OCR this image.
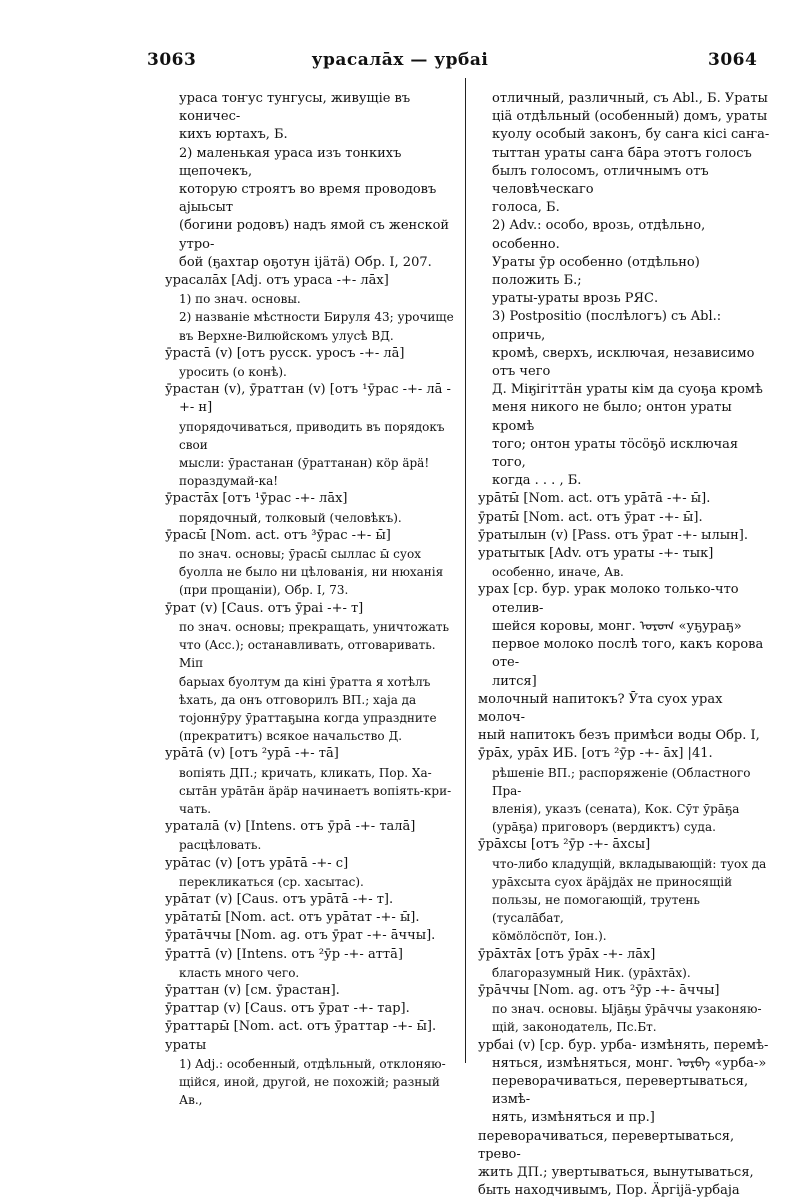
3063	урасалāх — урбаі	3064

ураса тоҥус тунгусы, живущіе въ коничес-
кихъ юртахъ, Б.

2) маленькая ураса изъ тонкихъ щепочекъ,
которую строятъ во время проводовъ аjыьсыт
(богини родовъ) надъ ямой съ женской утро-
бой (ҕахтар оҕотун іjäтä) Обр. І, 207.

урасалāх [Adj. отъ ураса -+- лāх]

1) по знач. основы.

2) названіе мѣстности Бируля 43; урочище
въ Верхне-Вилюйскомъ улусѣ ВД.

ӯрастā (v) [отъ русск. уросъ -+- лā]

уросить (о конѣ).

ӯрастан (v), ӯраттан (v) [отъ ¹ӯрас -+- лā -+- н]

упорядочиваться, приводить въ порядокъ свои
мысли: ӯрастанан (ӯраттанан) кöр äрä!
пораздумай-ка!

ӯрастāх [отъ ¹ӯрас -+- лāх]

порядочный, толковый (человѣкъ).

ӯрасы̄ [Nom. act. отъ ³ӯрас -+- ы̄]

по знач. основы; ӯрасы̄ сыллас ы̄ суох
буолла не было ни цѣлованія, ни нюханія
(при прощаніи), Обр. І, 73.

ӯрат (v) [Caus. отъ ӯраі -+- т]

по знач. основы; прекращать, уничтожать
что (Acc.); останавливать, отговаривать. Міп
барыах буолтум да кіні ӯратта я хотѣлъ
ѣхать, да онъ отговорилъ ВП.; хаjа да
тоjоннӯру ӯраттаҕына когда упраздните
(прекратитъ) всякое начальство Д.

урāтā (v) [отъ ²урā -+- тā]

вопіять ДП.; кричать, кликать, Пор. Ха-
сытāн урāтāн äрäр начинаетъ вопіять-кри-
чать.

ураталā (v) [Intens. отъ ӯрā -+- талā]

расцѣловать.

урāтас (v) [отъ урāтā -+- с]

перекликаться (ср. хасытас).

урāтат (v) [Caus. отъ урāтā -+- т].

урāтаты̄ [Nom. act. отъ урāтат -+- ы̄].

ӯратāччы [Nom. ag. отъ ӯрат -+- āччы].

ӯраттā (v) [Intens. отъ ²ӯр -+- аттā]

класть много чего.

ӯраттан (v) [см. ӯрастан].

ӯраттар (v) [Caus. отъ ӯрат -+- тар].

ӯраттары̄ [Nom. act. отъ ӯраттар -+- ы̄].

ураты

1) Adj.: особенный, отдѣльный, отклоняю-
щійся, иной, другой, не похожій; разный Ав.,

отличный, различный, съ Abl., Б. Ураты
ціä отдѣльный (особенный) домъ, ураты
куолу особый законъ, бу саҥа кісі саҥа-
тыттан ураты саҥа бāра этотъ голосъ
былъ голосомъ, отличнымъ отъ человѣческаго
голоса, Б.

2) Adv.: особо, врозь, отдѣльно, особенно.
Ураты ӯр особенно (отдѣльно) положить Б.;
ураты-ураты врозь РЯС.

3) Postpositio (послѣлогъ) съ Abl.: опричь,
кромѣ, сверхъ, исключая, независимо отъ чего
Д. Міӄігіттäн ураты кім да суоҕа кромѣ
меня никого не было; онтон ураты кромѣ
того; онтон ураты тöсöҕö исключая того,
когда . . . , Б.

урāты̄ [Nom. act. отъ урāтā -+- ы̄].

ӯраты̄ [Nom. act. отъ ӯрат -+- ы̄].

ӯратылын (v) [Pass. отъ ӯрат -+- ылын].

уратытык [Adv. отъ ураты -+- тык]

особенно, иначе, Ав.

урах [ср. бур. урак молоко только-что отелив-
шейся коровы, монг. ᠤᠷᠤᠭ «уҕураҕ»
первое молоко послѣ того, какъ корова оте-
лится]

молочный напитокъ? Ӯта суох урах молоч-
ный напитокъ безъ примѣси воды Обр. І,

ӯрāх, урāх ИБ. [отъ ²ӯр -+- āх] |41.

рѣшеніе ВП.; распоряженіе (Областного Пра-
вленія), указъ (сената), Кок. Сӯт ӯрāҕа
(урāҕа) приговоръ (вердиктъ) суда.

ӯрāхсы [отъ ²ӯр -+- āхсы]

что-либо кладущій, вкладывающій: туох да
урāхсыта суох äрäjдäх не приносящій
пользы, не помогающій, трутень (тусалāбат,
кöмöлöспöт, Іон.).

ӯрāхтāх [отъ ӯрāх -+- лāх]

благоразумный Ник. (урāхтāх).

ӯрāччы [Nom. ag. отъ ²ӯр -+- āччы]

по знач. основы. Ыjāҕы ӯрāччы узаконяю-
щій, законодатель, Пс.Бт.

урбаі (v) [ср. бур. урба- измѣнять, перемѣ-
няться, измѣняться, монг. ᠤᠷᠪᠠ «урба-»
переворачиваться, перевертываться, измѣ-
нять, измѣняться и пр.]

переворачиваться, перевертываться, трево-
жить ДП.; увертываться, вынутываться,
быть находчивымъ, Пор. Äргіjä-урбаjа
